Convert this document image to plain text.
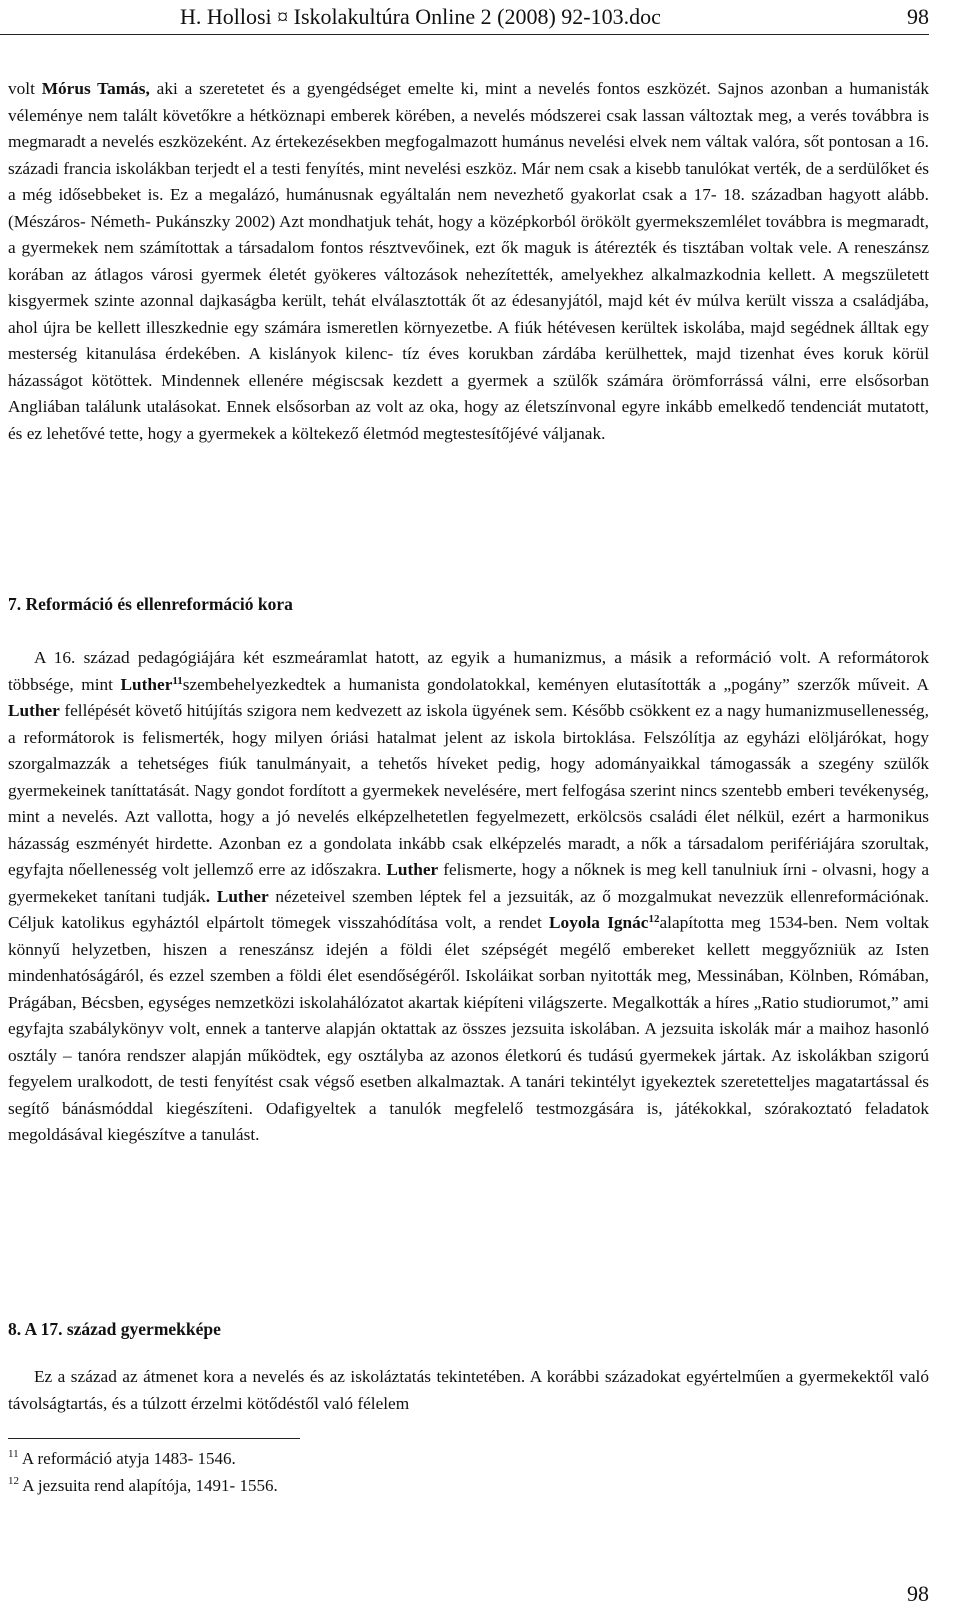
H. Hollosi ¤ Iskolakultúra Online 2 (2008) 92-103.doc	98

volt Mórus Tamás, aki a szeretetet és a gyengédséget emelte ki, mint a nevelés fontos eszközét. Sajnos azonban a humanisták véleménye nem talált követőkre a hétköznapi emberek körében, a nevelés módszerei csak lassan változtak meg, a verés továbbra is megmaradt a nevelés eszközeként. Az értekezésekben megfogalmazott humánus nevelési elvek nem váltak valóra, sőt pontosan a 16. századi francia iskolákban terjedt el a testi fenyítés, mint nevelési eszköz. Már nem csak a kisebb tanulókat verték, de a serdülőket és a még idősebbeket is. Ez a megalázó, humánusnak egyáltalán nem nevezhető gyakorlat csak a 17- 18. században hagyott alább. (Mészáros- Németh- Pukánszky 2002) Azt mondhatjuk tehát, hogy a középkorból örökölt gyermekszemlélet továbbra is megmaradt, a gyermekek nem számítottak a társadalom fontos résztvevőinek, ezt ők maguk is átérezték és tisztában voltak vele. A reneszánsz korában az átlagos városi gyermek életét gyökeres változások nehezítették, amelyekhez alkalmazkodnia kellett. A megszületett kisgyermek szinte azonnal dajkaságba került, tehát elválasztották őt az édesanyjától, majd két év múlva került vissza a családjába, ahol újra be kellett illeszkednie egy számára ismeretlen környezetbe. A fiúk hétévesen kerültek iskolába, majd segédnek álltak egy mesterség kitanulása érdekében. A kislányok kilenc- tíz éves korukban zárdába kerülhettek, majd tizenhat éves koruk körül házasságot kötöttek. Mindennek ellenére mégiscsak kezdett a gyermek a szülők számára örömforrássá válni, erre elsősorban Angliában találunk utalásokat. Ennek elsősorban az volt az oka, hogy az életszínvonal egyre inkább emelkedő tendenciát mutatott, és ez lehetővé tette, hogy a gyermekek a költekező életmód megtestesítőjévé váljanak.

7. Reformáció és ellenreformáció kora

A 16. század pedagógiájára két eszmeáramlat hatott, az egyik a humanizmus, a másik a reformáció volt. A reformátorok többsége, mint Luther$^{11}$szembehelyezkedtek a humanista gondolatokkal, keményen elutasították a „pogány” szerzők műveit. A Luther fellépését követő hitújítás szigora nem kedvezett az iskola ügyének sem. Később csökkent ez a nagy humanizmusellenesség, a reformátorok is felismerték, hogy milyen óriási hatalmat jelent az iskola birtoklása. Felszólítja az egyházi elöljárókat, hogy szorgalmazzák a tehetséges fiúk tanulmányait, a tehetős híveket pedig, hogy adományaikkal támogassák a szegény szülők gyermekeinek taníttatását. Nagy gondot fordított a gyermekek nevelésére, mert felfogása szerint nincs szentebb emberi tevékenység, mint a nevelés. Azt vallotta, hogy a jó nevelés elképzelhetetlen fegyelmezett, erkölcsös családi élet nélkül, ezért a harmonikus házasság eszményét hirdette. Azonban ez a gondolata inkább csak elképzelés maradt, a nők a társadalom perifériájára szorultak, egyfajta nőellenesség volt jellemző erre az időszakra. Luther felismerte, hogy a nőknek is meg kell tanulniuk írni - olvasni, hogy a gyermekeket tanítani tudják. Luther nézeteivel szemben léptek fel a jezsuiták, az ő mozgalmukat nevezzük ellenreformációnak. Céljuk katolikus egyháztól elpártolt tömegek visszahódítása volt, a rendet Loyola Ignác$^{12}$alapította meg 1534-ben. Nem voltak könnyű helyzetben, hiszen a reneszánsz idején a földi élet szépségét megélő embereket kellett meggyőzniük az Isten mindenhatóságáról, és ezzel szemben a földi élet esendőségéről. Iskoláikat sorban nyitották meg, Messinában, Kölnben, Rómában, Prágában, Bécsben, egységes nemzetközi iskolahálózatot akartak kiépíteni világszerte. Megalkották a híres „Ratio studiorumot,” ami egyfajta szabálykönyv volt, ennek a tanterve alapján oktattak az összes jezsuita iskolában. A jezsuita iskolák már a maihoz hasonló osztály – tanóra rendszer alapján működtek, egy osztályba az azonos életkorú és tudású gyermekek jártak. Az iskolákban szigorú fegyelem uralkodott, de testi fenyítést csak végső esetben alkalmaztak. A tanári tekintélyt igyekeztek szeretetteljes magatartással és segítő bánásmóddal kiegészíteni. Odafigyeltek a tanulók megfelelő testmozgására is, játékokkal, szórakoztató feladatok megoldásával kiegészítve a tanulást.

8. A 17. század gyermekképe

Ez a század az átmenet kora a nevelés és az iskoláztatás tekintetében. A korábbi századokat egyértelműen a gyermekektől való távolságtartás, és a túlzott érzelmi kötődéstől való félelem

$^{11}$ A reformáció atyja 1483- 1546.
$^{12}$ A jezsuita rend alapítója, 1491- 1556.
98
